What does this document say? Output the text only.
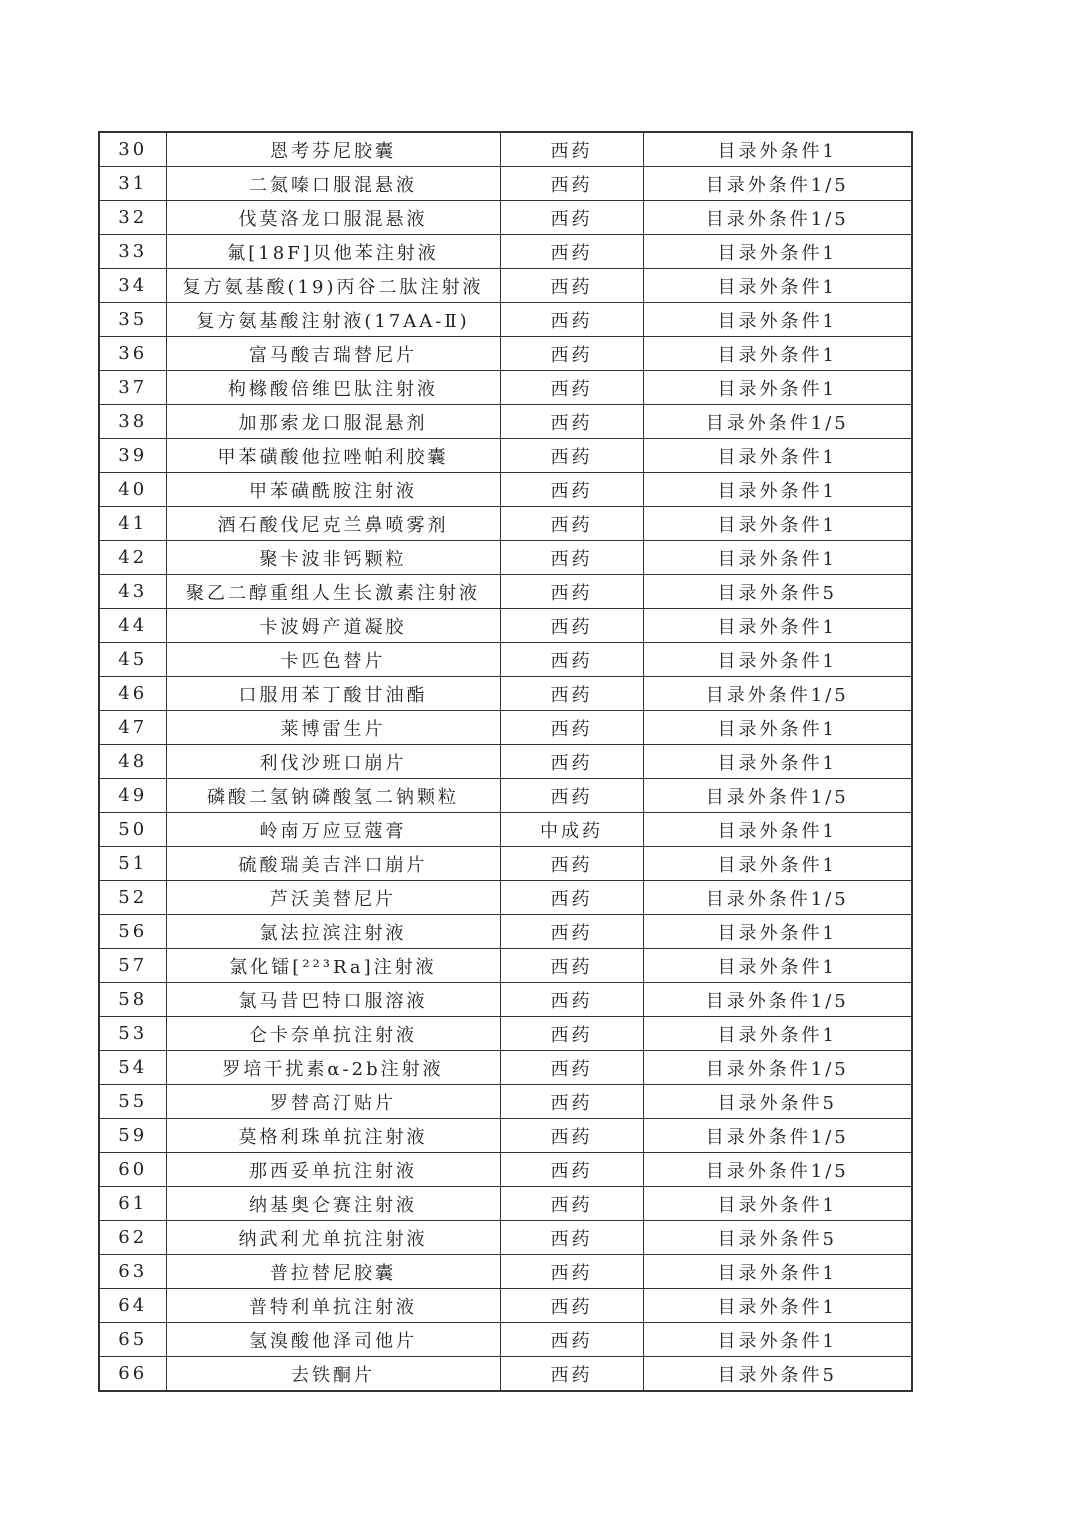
30	恩考芬尼胶囊	西药	目录外条件1
31	二氮嗪口服混悬液	西药	目录外条件1/5
32	伐莫洛龙口服混悬液	西药	目录外条件1/5
33	氟[18F]贝他苯注射液	西药	目录外条件1
34	复方氨基酸(19)丙谷二肽注射液	西药	目录外条件1
35	复方氨基酸注射液(17AA-Ⅱ)	西药	目录外条件1
36	富马酸吉瑞替尼片	西药	目录外条件1
37	枸橼酸倍维巴肽注射液	西药	目录外条件1
38	加那索龙口服混悬剂	西药	目录外条件1/5
39	甲苯磺酸他拉唑帕利胶囊	西药	目录外条件1
40	甲苯磺酰胺注射液	西药	目录外条件1
41	酒石酸伐尼克兰鼻喷雾剂	西药	目录外条件1
42	聚卡波非钙颗粒	西药	目录外条件1
43	聚乙二醇重组人生长激素注射液	西药	目录外条件5
44	卡波姆产道凝胶	西药	目录外条件1
45	卡匹色替片	西药	目录外条件1
46	口服用苯丁酸甘油酯	西药	目录外条件1/5
47	莱博雷生片	西药	目录外条件1
48	利伐沙班口崩片	西药	目录外条件1
49	磷酸二氢钠磷酸氢二钠颗粒	西药	目录外条件1/5
50	岭南万应豆蔻膏	中成药	目录外条件1
51	硫酸瑞美吉泮口崩片	西药	目录外条件1
52	芦沃美替尼片	西药	目录外条件1/5
56	氯法拉滨注射液	西药	目录外条件1
57	氯化镭[²²³Ra]注射液	西药	目录外条件1
58	氯马昔巴特口服溶液	西药	目录外条件1/5
53	仑卡奈单抗注射液	西药	目录外条件1
54	罗培干扰素α-2b注射液	西药	目录外条件1/5
55	罗替高汀贴片	西药	目录外条件5
59	莫格利珠单抗注射液	西药	目录外条件1/5
60	那西妥单抗注射液	西药	目录外条件1/5
61	纳基奥仑赛注射液	西药	目录外条件1
62	纳武利尤单抗注射液	西药	目录外条件5
63	普拉替尼胶囊	西药	目录外条件1
64	普特利单抗注射液	西药	目录外条件1
65	氢溴酸他泽司他片	西药	目录外条件1
66	去铁酮片	西药	目录外条件5
